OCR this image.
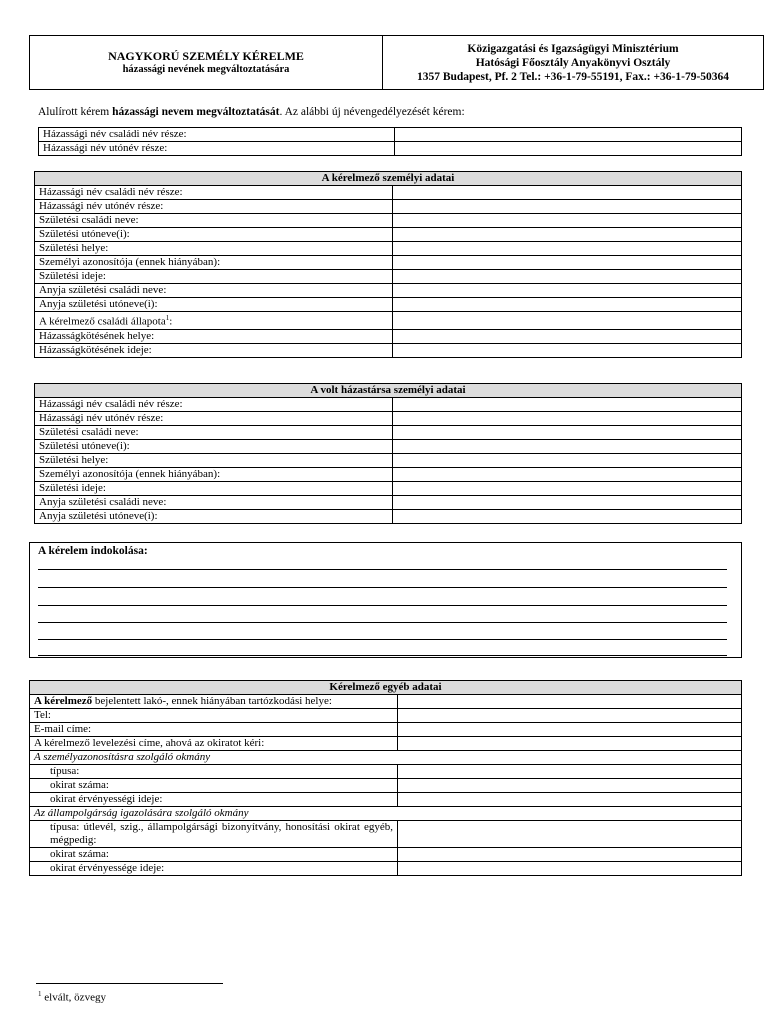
NAGYKORÚ SZEMÉLY KÉRELME
házassági nevének megváltoztatására
Közigazgatási és Igazságügyi Minisztérium
Hatósági Főosztály Anyakönyvi Osztály
1357 Budapest, Pf. 2 Tel.: +36-1-79-55191, Fax.: +36-1-79-50364
Alulírott kérem házassági nevem megváltoztatását. Az alábbi új névengedélyezését kérem:
Házassági név családi név része:	
Házassági név utónév része:	
A kérelmező személyi adatai	
Házassági név családi név része:	
Házassági név utónév része:	
Születési családi neve:	
Születési utóneve(i):	
Születési helye:	
Személyi azonosítója (ennek hiányában):	
Születési ideje:	
Anyja születési családi neve:	
Anyja születési utóneve(i):	
A kérelmező családi állapota$^1$:	
Házasságkötésének helye:	
Házasságkötésének ideje:	
A volt házastársa személyi adatai	
Házassági név családi név része:	
Házassági név utónév része:	
Születési családi neve:	
Születési utóneve(i):	
Születési helye:	
Személyi azonosítója (ennek hiányában):	
Születési ideje:	
Anyja születési családi neve:	
Anyja születési utóneve(i):	
A kérelem indokolása:
Kérelmező egyéb adatai	
A kérelmező bejelentett lakó-, ennek hiányában tartózkodási helye:	
Tel:	
E-mail címe:	
A kérelmező levelezési címe, ahová az okiratot kéri:	
A személyazonosításra szolgáló okmány	
típusa:	
okirat száma:	
okirat érvényességi ideje:	
Az állampolgárság igazolására szolgáló okmány	
típusa: útlevél, szig., állampolgársági bizonyítvány, honosítási okirat egyéb, mégpedig:	
okirat száma:	
okirat érvényessége ideje:	
$^1$ elvált, özvegy
